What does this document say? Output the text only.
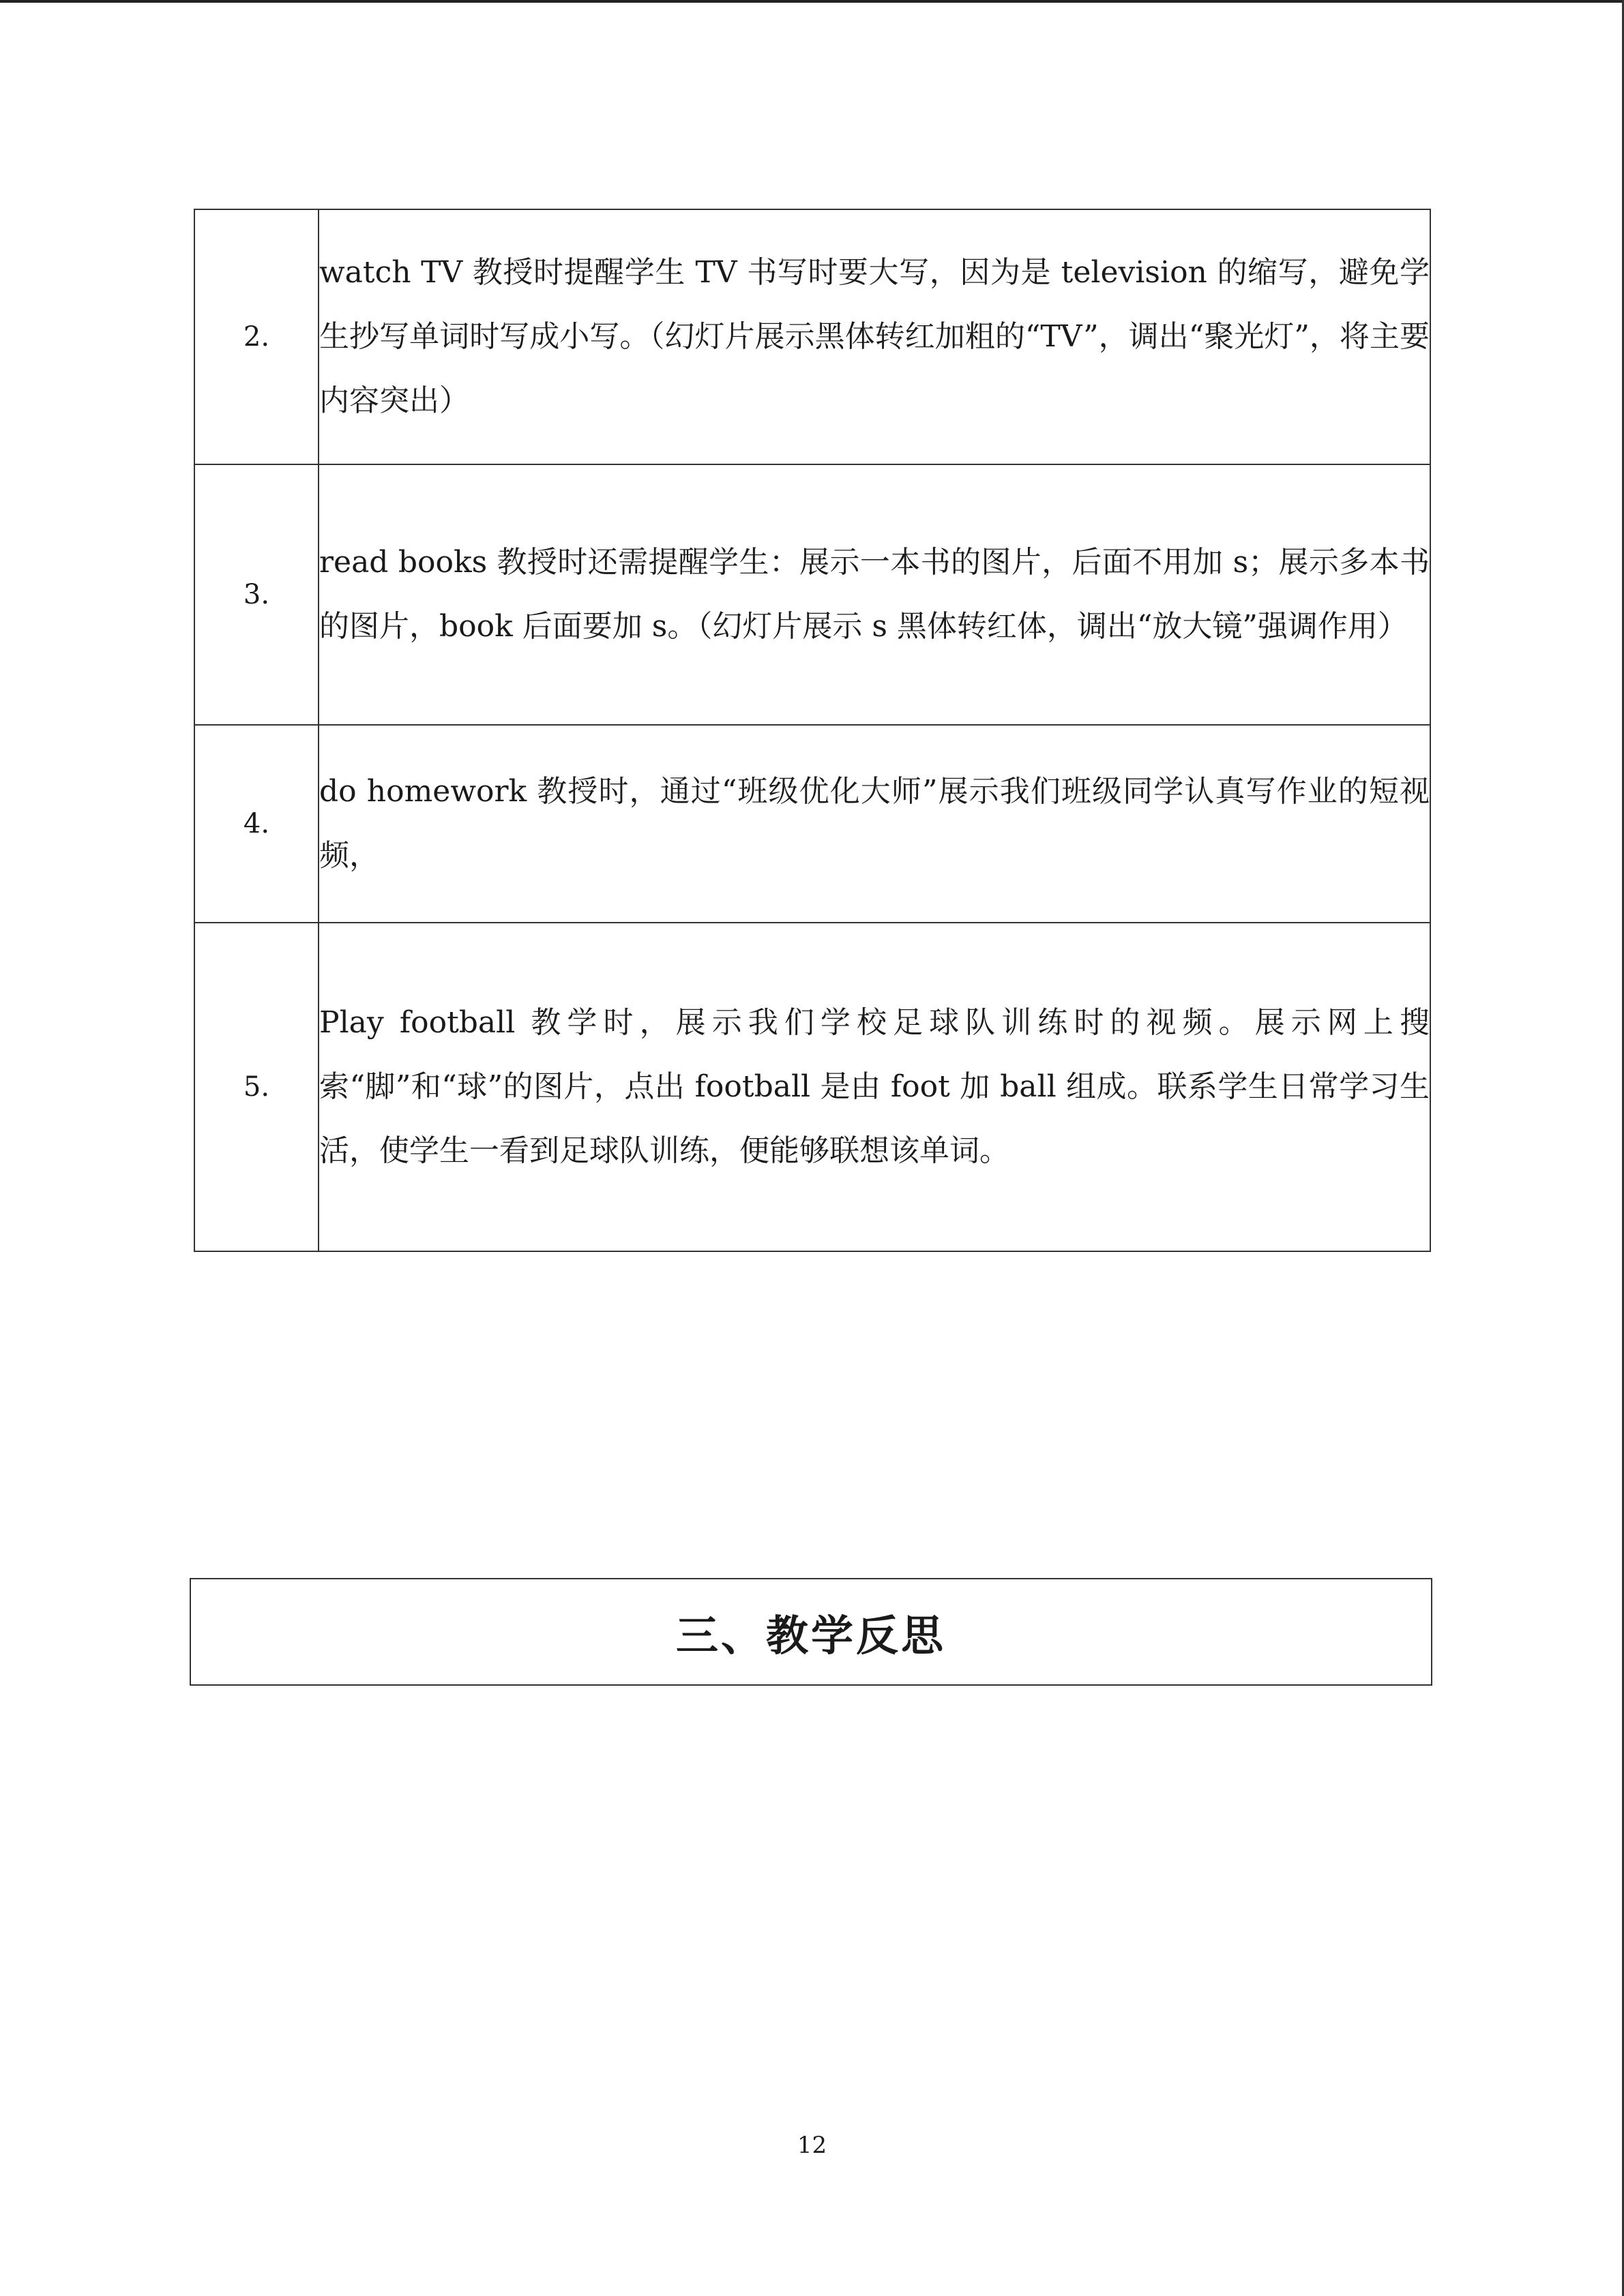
2.	watch TV 教授时提醒学生 TV 书写时要大写，因为是 television 的缩写，避免学生抄写单词时写成小写。（幻灯片展示黑体转红加粗的“TV”，调出“聚光灯”，将主要内容突出）
3.	read books 教授时还需提醒学生：展示一本书的图片，后面不用加 s；展示多本书的图片，book 后面要加 s。（幻灯片展示 s 黑体转红体，调出“放大镜”强调作用）
4.	do homework 教授时，通过“班级优化大师”展示我们班级同学认真写作业的短视频，
5.	Play football 教学时，展示我们学校足球队训练时的视频。展示网上搜索“脚”和“球”的图片，点出 football 是由 foot 加 ball 组成。联系学生日常学习生活，使学生一看到足球队训练，便能够联想该单词。
三、教学反思
12
